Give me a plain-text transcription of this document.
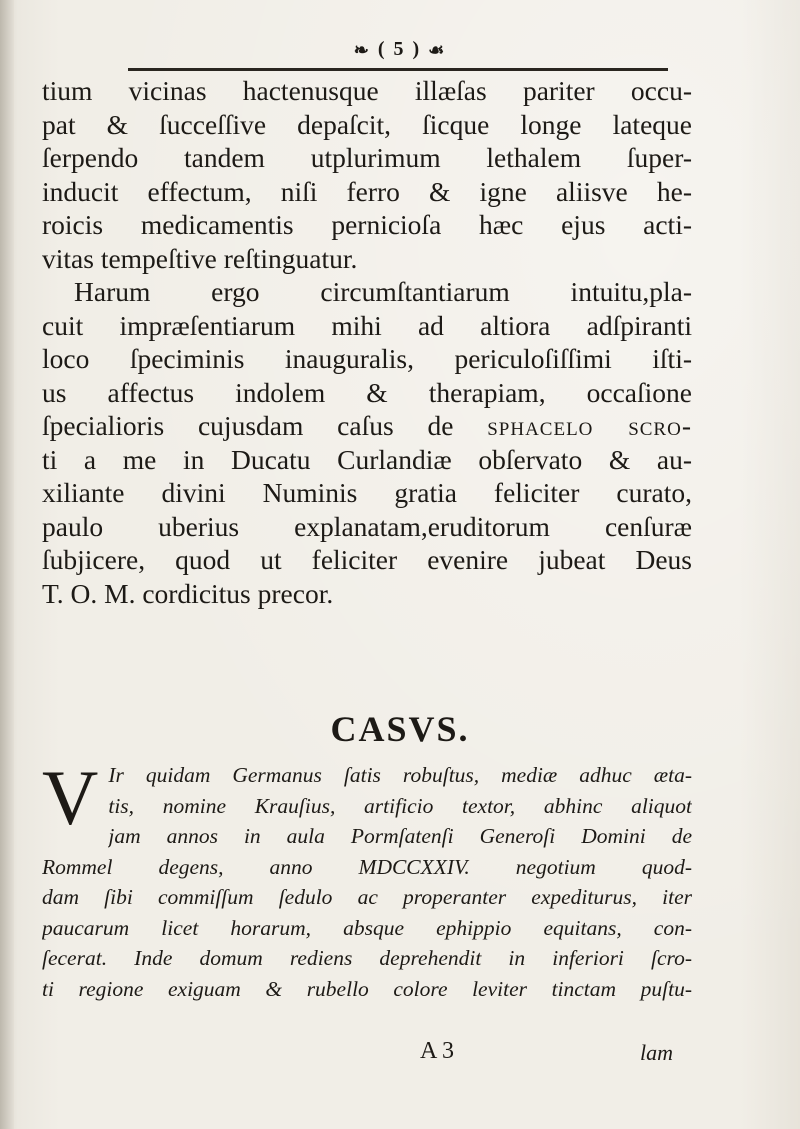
❧ ( 5 ) ☙
tium vicinas hactenusque illæſas pariter occu-
pat & ſucceſſive depaſcit, ſicque longe lateque
ſerpendo tandem utplurimum lethalem ſuper-
inducit effectum, niſi ferro & igne aliisve he-
roicis medicamentis pernicioſa hæc ejus acti-
vitas tempeſtive reſtinguatur.
Harum ergo circumſtantiarum intuitu,pla-
cuit impræſentiarum mihi ad altiora adſpiranti
loco ſpeciminis inauguralis, periculoſiſſimi iſti-
us affectus indolem & therapiam, occaſione
ſpecialioris cujusdam caſus de sphacelo scro-
ti a me in Ducatu Curlandiæ obſervato & au-
xiliante divini Numinis gratia feliciter curato,
paulo uberius explanatam,eruditorum cenſuræ
ſubjicere, quod ut feliciter evenire jubeat Deus
T. O. M. cordicitus precor.
CASVS.
V Ir quidam Germanus ſatis robuſtus, mediæ adhuc æta-
tis, nomine Krauſius, artificio textor, abhinc aliquot
jam annos in aula Pormſatenſi Generoſi Domini de
Rommel degens, anno MDCCXXIV. negotium quod-
dam ſibi commiſſum ſedulo ac properanter expediturus, iter
paucarum licet horarum, absque ephippio equitans, con-
ſecerat. Inde domum rediens deprehendit in inferiori ſcro-
ti regione exiguam & rubello colore leviter tinctam puſtu-
A 3	lam
